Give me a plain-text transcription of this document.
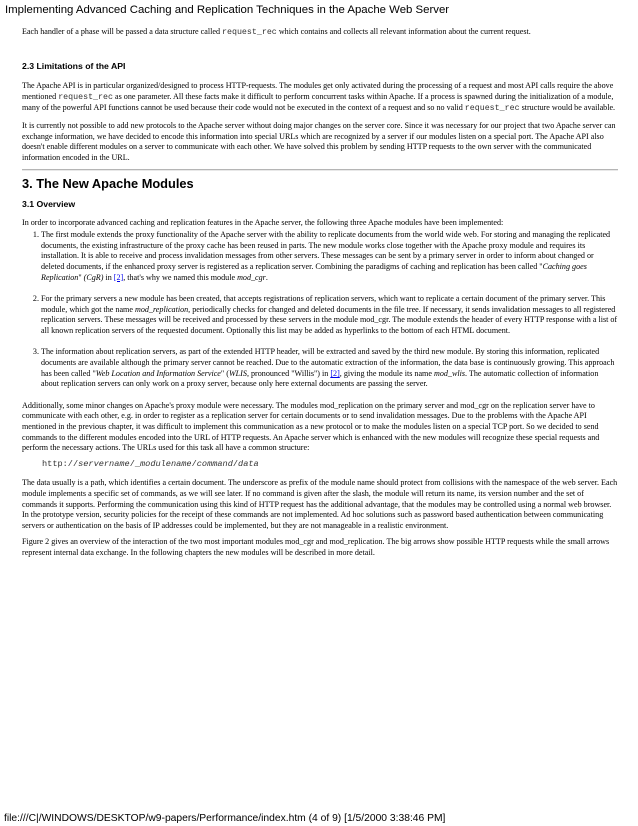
Implementing Advanced Caching and Replication Techniques in the Apache Web Server

Each handler of a phase will be passed a data structure called request_rec which contains and collects all relevant information about the current request.

2.3 Limitations of the API

The Apache API is in particular organized/designed to process HTTP-requests. The modules get only activated during the processing of a request and most API calls require the above mentioned request_rec as one parameter. All these facts make it difficult to perform concurrent tasks within Apache. If a process is spawned during the initialization of a module, many of the powerful API functions cannot be used because their code would not be executed in the context of a request and so no valid request_rec structure would be available.

It is currently not possible to add new protocols to the Apache server without doing major changes on the server core. Since it was necessary for our project that two Apache server can exchange information, we have decided to encode this information into special URLs which are recognized by a server if our modules listen on a special port. The Apache API also doesn't enable different modules on a server to communicate with each other. We have solved this problem by sending HTTP requests to the own server with the communicated information encoded in the URL.

3. The New Apache Modules
3.1 Overview

In order to incorporate advanced caching and replication features in the Apache server, the following three Apache modules have been implemented:

1. The first module extends the proxy functionality of the Apache server with the ability to replicate documents from the world wide web. For storing and managing the replicated documents, the existing infrastructure of the proxy cache has been reused in parts. The new module works close together with the Apache proxy module and requires its installation. It is able to receive and process invalidation messages from other servers. These messages can be sent by a primary server in order to inform about changed or deleted documents, if the enhanced proxy server is registered as a replication server. Combining the paradigms of caching and replication has been called "Caching goes Replication" (CgR) in [2], that's why we named this module mod_cgr.
2. For the primary servers a new module has been created, that accepts registrations of replication servers, which want to replicate a certain document of the primary server. This module, which got the name mod_replication, periodically checks for changed and deleted documents in the file tree. If necessary, it sends invalidation messages to all registered replication servers. These messages will be received and processed by these servers in the module mod_cgr. The module extends the header of every HTTP response with a list of all known replication servers of the requested document. Optionally this list may be added as hyperlinks to the bottom of each HTML document.
3. The information about replication servers, as part of the extended HTTP header, will be extracted and saved by the third new module. By storing this information, replicated documents are available although the primary server cannot be reached. Due to the automatic extraction of the information, the data base is continuously growing. This approach has been called "Web Location and Information Service" (WLIS, pronounced "Willis") in [2], giving the module its name mod_wlis. The automatic collection of information about replication servers can only work on a proxy server, because only here external documents are passing the server.

Additionally, some minor changes on Apache's proxy module were necessary. The modules mod_replication on the primary server and mod_cgr on the replication server have to communicate with each other, e.g. in order to register as a replication server for certain documents or to send invalidation messages. Due to the problems with the Apache API mentioned in the previous chapter, it was difficult to implement this communication as a new protocol or to make the modules listen on a special TCP port. So we decided to send commands to the different modules encoded into the URL of HTTP requests. An Apache server which is enhanced with the new modules will recognize these special requests and perform the necessary actions. The URLs used for this task all have a common structure:

http://servername/_modulename/command/data

The data usually is a path, which identifies a certain document. The underscore as prefix of the module name should protect from collisions with the namespace of the web server. Each module implements a specific set of commands, as we will see later. If no command is given after the slash, the module will return its name, its version number and the set of commands it supports. Performing the communication using this kind of HTTP request has the additional advantage, that the modules may be controlled using a normal web browser. In the prototype version, security policies for the receipt of these commands are not implemented. Ad hoc solutions such as password based authentication between communicating servers or authentication on the basis of IP addresses could be implemented, but they are not manageable in a realistic environment.

Figure 2 gives an overview of the interaction of the two most important modules mod_cgr and mod_replication. The big arrows show possible HTTP requests while the small arrows represent internal data exchange. In the following chapters the new modules will be described in more detail.

file:///C|/WINDOWS/DESKTOP/w9-papers/Performance/index.htm (4 of 9) [1/5/2000 3:38:46 PM]
